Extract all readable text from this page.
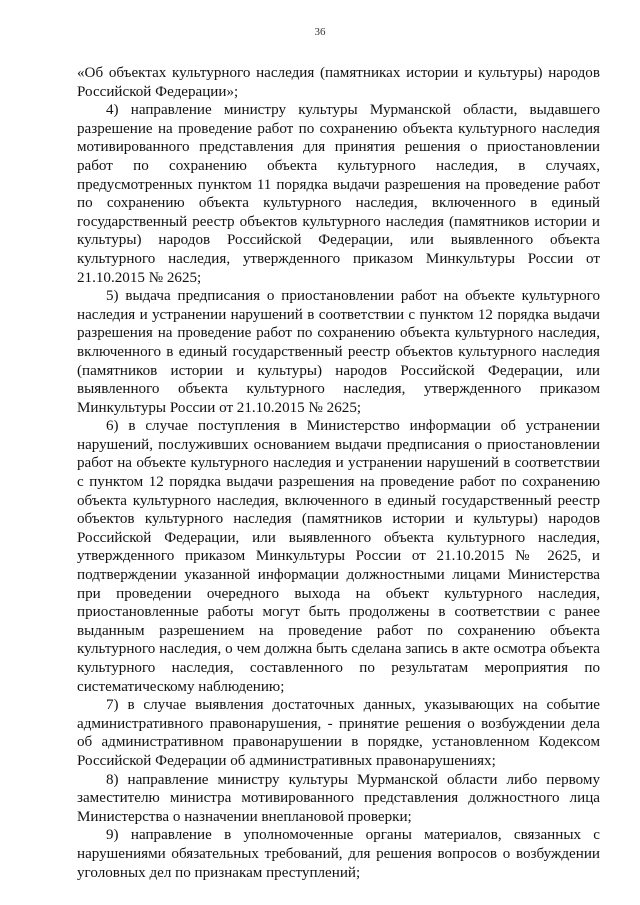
36

«Об объектах культурного наследия (памятниках истории и культуры) народов Российской Федерации»;

4) направление министру культуры Мурманской области, выдавшего разрешение на проведение работ по сохранению объекта культурного наследия мотивированного представления для принятия решения о приостановлении работ по сохранению объекта культурного наследия, в случаях, предусмотренных пунктом 11 порядка выдачи разрешения на проведение работ по сохранению объекта культурного наследия, включенного в единый государственный реестр объектов культурного наследия (памятников истории и культуры) народов Российской Федерации, или выявленного объекта культурного наследия, утвержденного приказом Минкультуры России от 21.10.2015 № 2625;

5) выдача предписания о приостановлении работ на объекте культурного наследия и устранении нарушений в соответствии с пунктом 12 порядка выдачи разрешения на проведение работ по сохранению объекта культурного наследия, включенного в единый государственный реестр объектов культурного наследия (памятников истории и культуры) народов Российской Федерации, или выявленного объекта культурного наследия, утвержденного приказом Минкультуры России от 21.10.2015 № 2625;

6) в случае поступления в Министерство информации об устранении нарушений, послуживших основанием выдачи предписания о приостановлении работ на объекте культурного наследия и устранении нарушений в соответствии с пунктом 12 порядка выдачи разрешения на проведение работ по сохранению объекта культурного наследия, включенного в единый государственный реестр объектов культурного наследия (памятников истории и культуры) народов Российской Федерации, или выявленного объекта культурного наследия, утвержденного приказом Минкультуры России от 21.10.2015 № 2625, и подтверждении указанной информации должностными лицами Министерства при проведении очередного выхода на объект культурного наследия, приостановленные работы могут быть продолжены в соответствии с ранее выданным разрешением на проведение работ по сохранению объекта культурного наследия, о чем должна быть сделана запись в акте осмотра объекта культурного наследия, составленного по результатам мероприятия по систематическому наблюдению;

7) в случае выявления достаточных данных, указывающих на событие административного правонарушения, - принятие решения о возбуждении дела об административном правонарушении в порядке, установленном Кодексом Российской Федерации об административных правонарушениях;

8) направление министру культуры Мурманской области либо первому заместителю министра мотивированного представления должностного лица Министерства о назначении внеплановой проверки;

9) направление в уполномоченные органы материалов, связанных с нарушениями обязательных требований, для решения вопросов о возбуждении уголовных дел по признакам преступлений;
